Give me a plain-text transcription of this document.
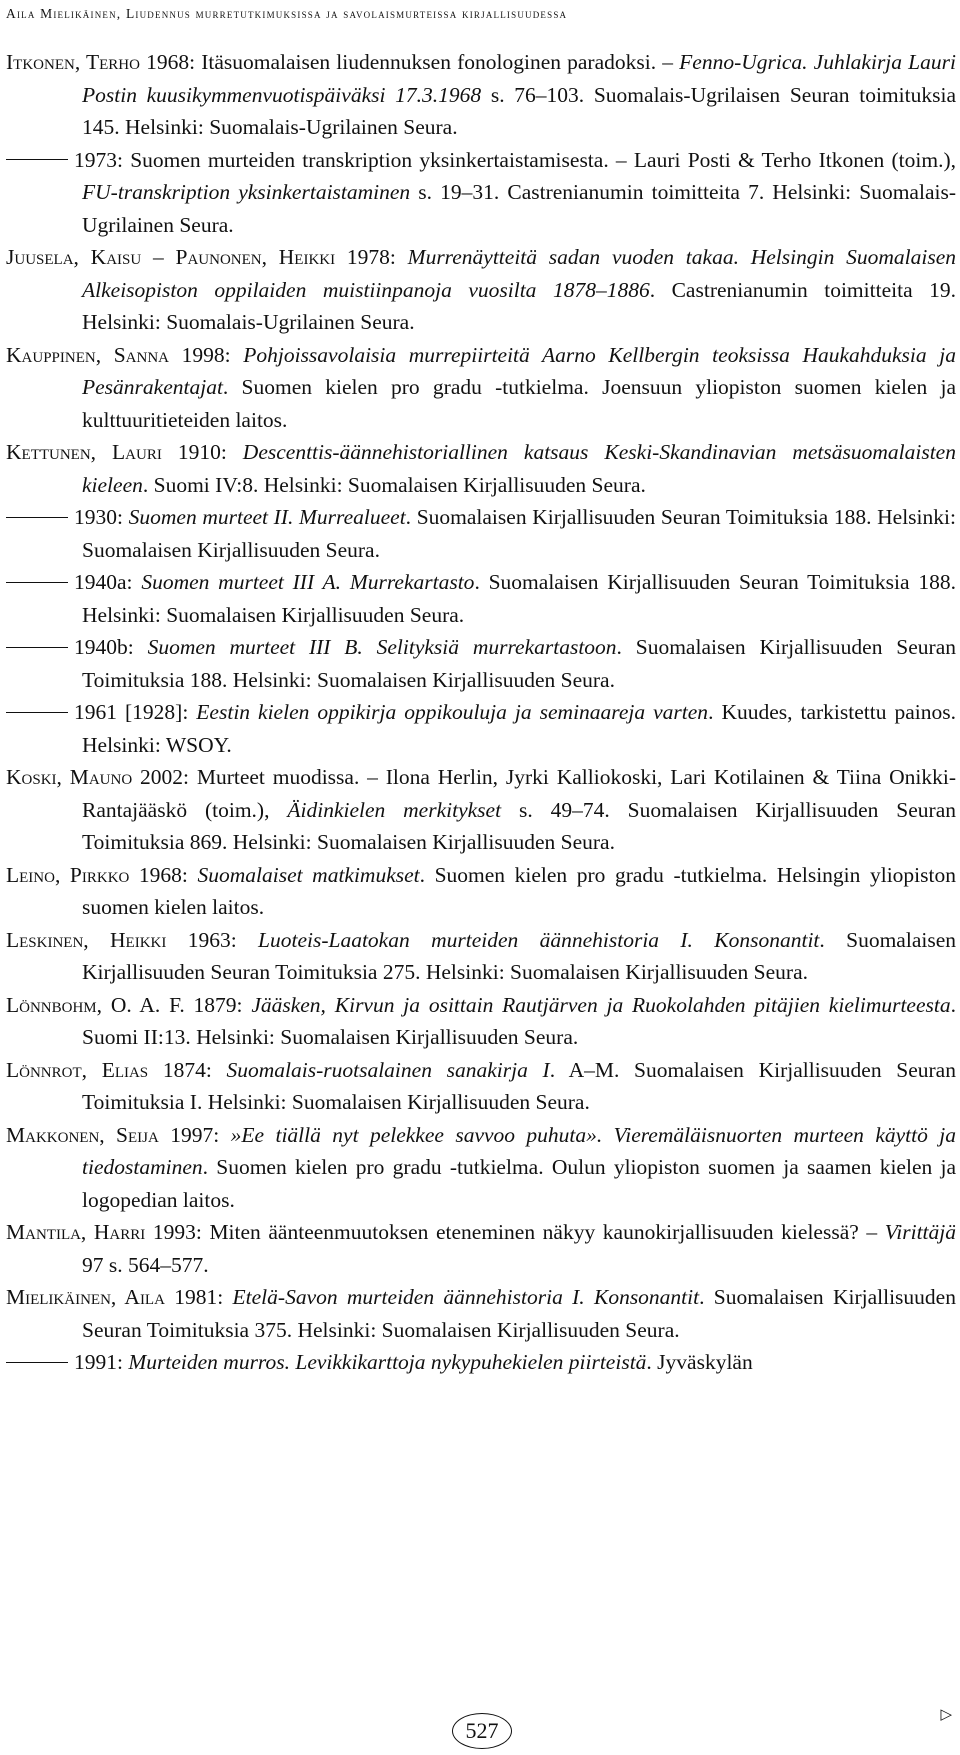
Aila Mielikäinen, Liudennus murretutkimuksissa ja savolaismurteissa kirjallisuudessa

Itkonen, Terho 1968: Itäsuomalaisen liudennuksen fonologinen paradoksi. – Fenno-Ugrica. Juhlakirja Lauri Postin kuusikymmenvuotispäiväksi 17.3.1968 s. 76–103. Suomalais-Ugrilaisen Seuran toimituksia 145. Helsinki: Suomalais-Ugrilainen Seura.

1973: Suomen murteiden transkription yksinkertaistamisesta. – Lauri Posti & Terho Itkonen (toim.), FU-transkription yksinkertaistaminen s. 19–31. Castrenianumin toimitteita 7. Helsinki: Suomalais-Ugrilainen Seura.

Juusela, Kaisu – Paunonen, Heikki 1978: Murrenäytteitä sadan vuoden takaa. Helsingin Suomalaisen Alkeisopiston oppilaiden muistiinpanoja vuosilta 1878–1886. Castrenianumin toimitteita 19. Helsinki: Suomalais-Ugrilainen Seura.

Kauppinen, Sanna 1998: Pohjoissavolaisia murrepiirteitä Aarno Kellbergin teoksissa Haukahduksia ja Pesänrakentajat. Suomen kielen pro gradu -tutkielma. Joensuun yliopiston suomen kielen ja kulttuuritieteiden laitos.

Kettunen, Lauri 1910: Descenttis-äännehistoriallinen katsaus Keski-Skandinavian metsäsuomalaisten kieleen. Suomi IV:8. Helsinki: Suomalaisen Kirjallisuuden Seura.

1930: Suomen murteet II. Murrealueet. Suomalaisen Kirjallisuuden Seuran Toimituksia 188. Helsinki: Suomalaisen Kirjallisuuden Seura.

1940a: Suomen murteet III A. Murrekartasto. Suomalaisen Kirjallisuuden Seuran Toimituksia 188. Helsinki: Suomalaisen Kirjallisuuden Seura.

1940b: Suomen murteet III B. Selityksiä murrekartastoon. Suomalaisen Kirjallisuuden Seuran Toimituksia 188. Helsinki: Suomalaisen Kirjallisuuden Seura.

1961 [1928]: Eestin kielen oppikirja oppikouluja ja seminaareja varten. Kuudes, tarkistettu painos. Helsinki: WSOY.

Koski, Mauno 2002: Murteet muodissa. – Ilona Herlin, Jyrki Kalliokoski, Lari Kotilainen & Tiina Onikki-Rantajääskö (toim.), Äidinkielen merkitykset s. 49–74. Suomalaisen Kirjallisuuden Seuran Toimituksia 869. Helsinki: Suomalaisen Kirjallisuuden Seura.

Leino, Pirkko 1968: Suomalaiset matkimukset. Suomen kielen pro gradu -tutkielma. Helsingin yliopiston suomen kielen laitos.

Leskinen, Heikki 1963: Luoteis-Laatokan murteiden äännehistoria I. Konsonantit. Suomalaisen Kirjallisuuden Seuran Toimituksia 275. Helsinki: Suomalaisen Kirjallisuuden Seura.

Lönnbohm, O. A. F. 1879: Jääsken, Kirvun ja osittain Rautjärven ja Ruokolahden pitäjien kielimurteesta. Suomi II:13. Helsinki: Suomalaisen Kirjallisuuden Seura.

Lönnrot, Elias 1874: Suomalais-ruotsalainen sanakirja I. A–M. Suomalaisen Kirjallisuuden Seuran Toimituksia I. Helsinki: Suomalaisen Kirjallisuuden Seura.

Makkonen, Seija 1997: »Ee tiällä nyt pelekkee savvoo puhuta». Vieremäläisnuorten murteen käyttö ja tiedostaminen. Suomen kielen pro gradu -tutkielma. Oulun yliopiston suomen ja saamen kielen ja logopedian laitos.

Mantila, Harri 1993: Miten äänteenmuutoksen eteneminen näkyy kaunokirjallisuuden kielessä? – Virittäjä 97 s. 564–577.

Mielikäinen, Aila 1981: Etelä-Savon murteiden äännehistoria I. Konsonantit. Suomalaisen Kirjallisuuden Seuran Toimituksia 375. Helsinki: Suomalaisen Kirjallisuuden Seura.

1991: Murteiden murros. Levikkikarttoja nykypuhekielen piirteistä. Jyväskylän

▷
527
